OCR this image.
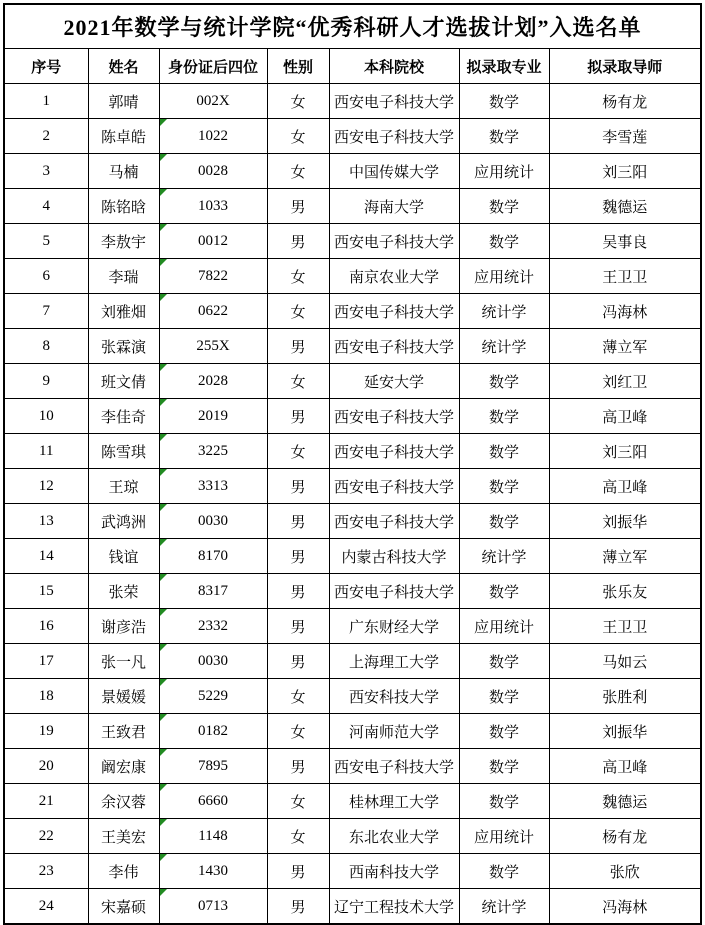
2021年数学与统计学院“优秀科研人才选拔计划”入选名单						
序号	姓名	身份证后四位	性别	本科院校	拟录取专业	拟录取导师
1	郭晴	002X	女	西安电子科技大学	数学	杨有龙
2	陈卓皓	1022	女	西安电子科技大学	数学	李雪莲
3	马楠	0028	女	中国传媒大学	应用统计	刘三阳
4	陈铭晗	1033	男	海南大学	数学	魏德运
5	李敖宇	0012	男	西安电子科技大学	数学	吴事良
6	李瑞	7822	女	南京农业大学	应用统计	王卫卫
7	刘雅畑	0622	女	西安电子科技大学	统计学	冯海林
8	张霖演	255X	男	西安电子科技大学	统计学	薄立军
9	班文倩	2028	女	延安大学	数学	刘红卫
10	李佳奇	2019	男	西安电子科技大学	数学	高卫峰
11	陈雪琪	3225	女	西安电子科技大学	数学	刘三阳
12	王琼	3313	男	西安电子科技大学	数学	高卫峰
13	武鸿洲	0030	男	西安电子科技大学	数学	刘振华
14	钱谊	8170	男	内蒙古科技大学	统计学	薄立军
15	张荣	8317	男	西安电子科技大学	数学	张乐友
16	谢彦浩	2332	男	广东财经大学	应用统计	王卫卫
17	张一凡	0030	男	上海理工大学	数学	马如云
18	景媛媛	5229	女	西安科技大学	数学	张胜利
19	王致君	0182	女	河南师范大学	数学	刘振华
20	阚宏康	7895	男	西安电子科技大学	数学	高卫峰
21	余汉蓉	6660	女	桂林理工大学	数学	魏德运
22	王美宏	1148	女	东北农业大学	应用统计	杨有龙
23	李伟	1430	男	西南科技大学	数学	张欣
24	宋嘉硕	0713	男	辽宁工程技术大学	统计学	冯海林
